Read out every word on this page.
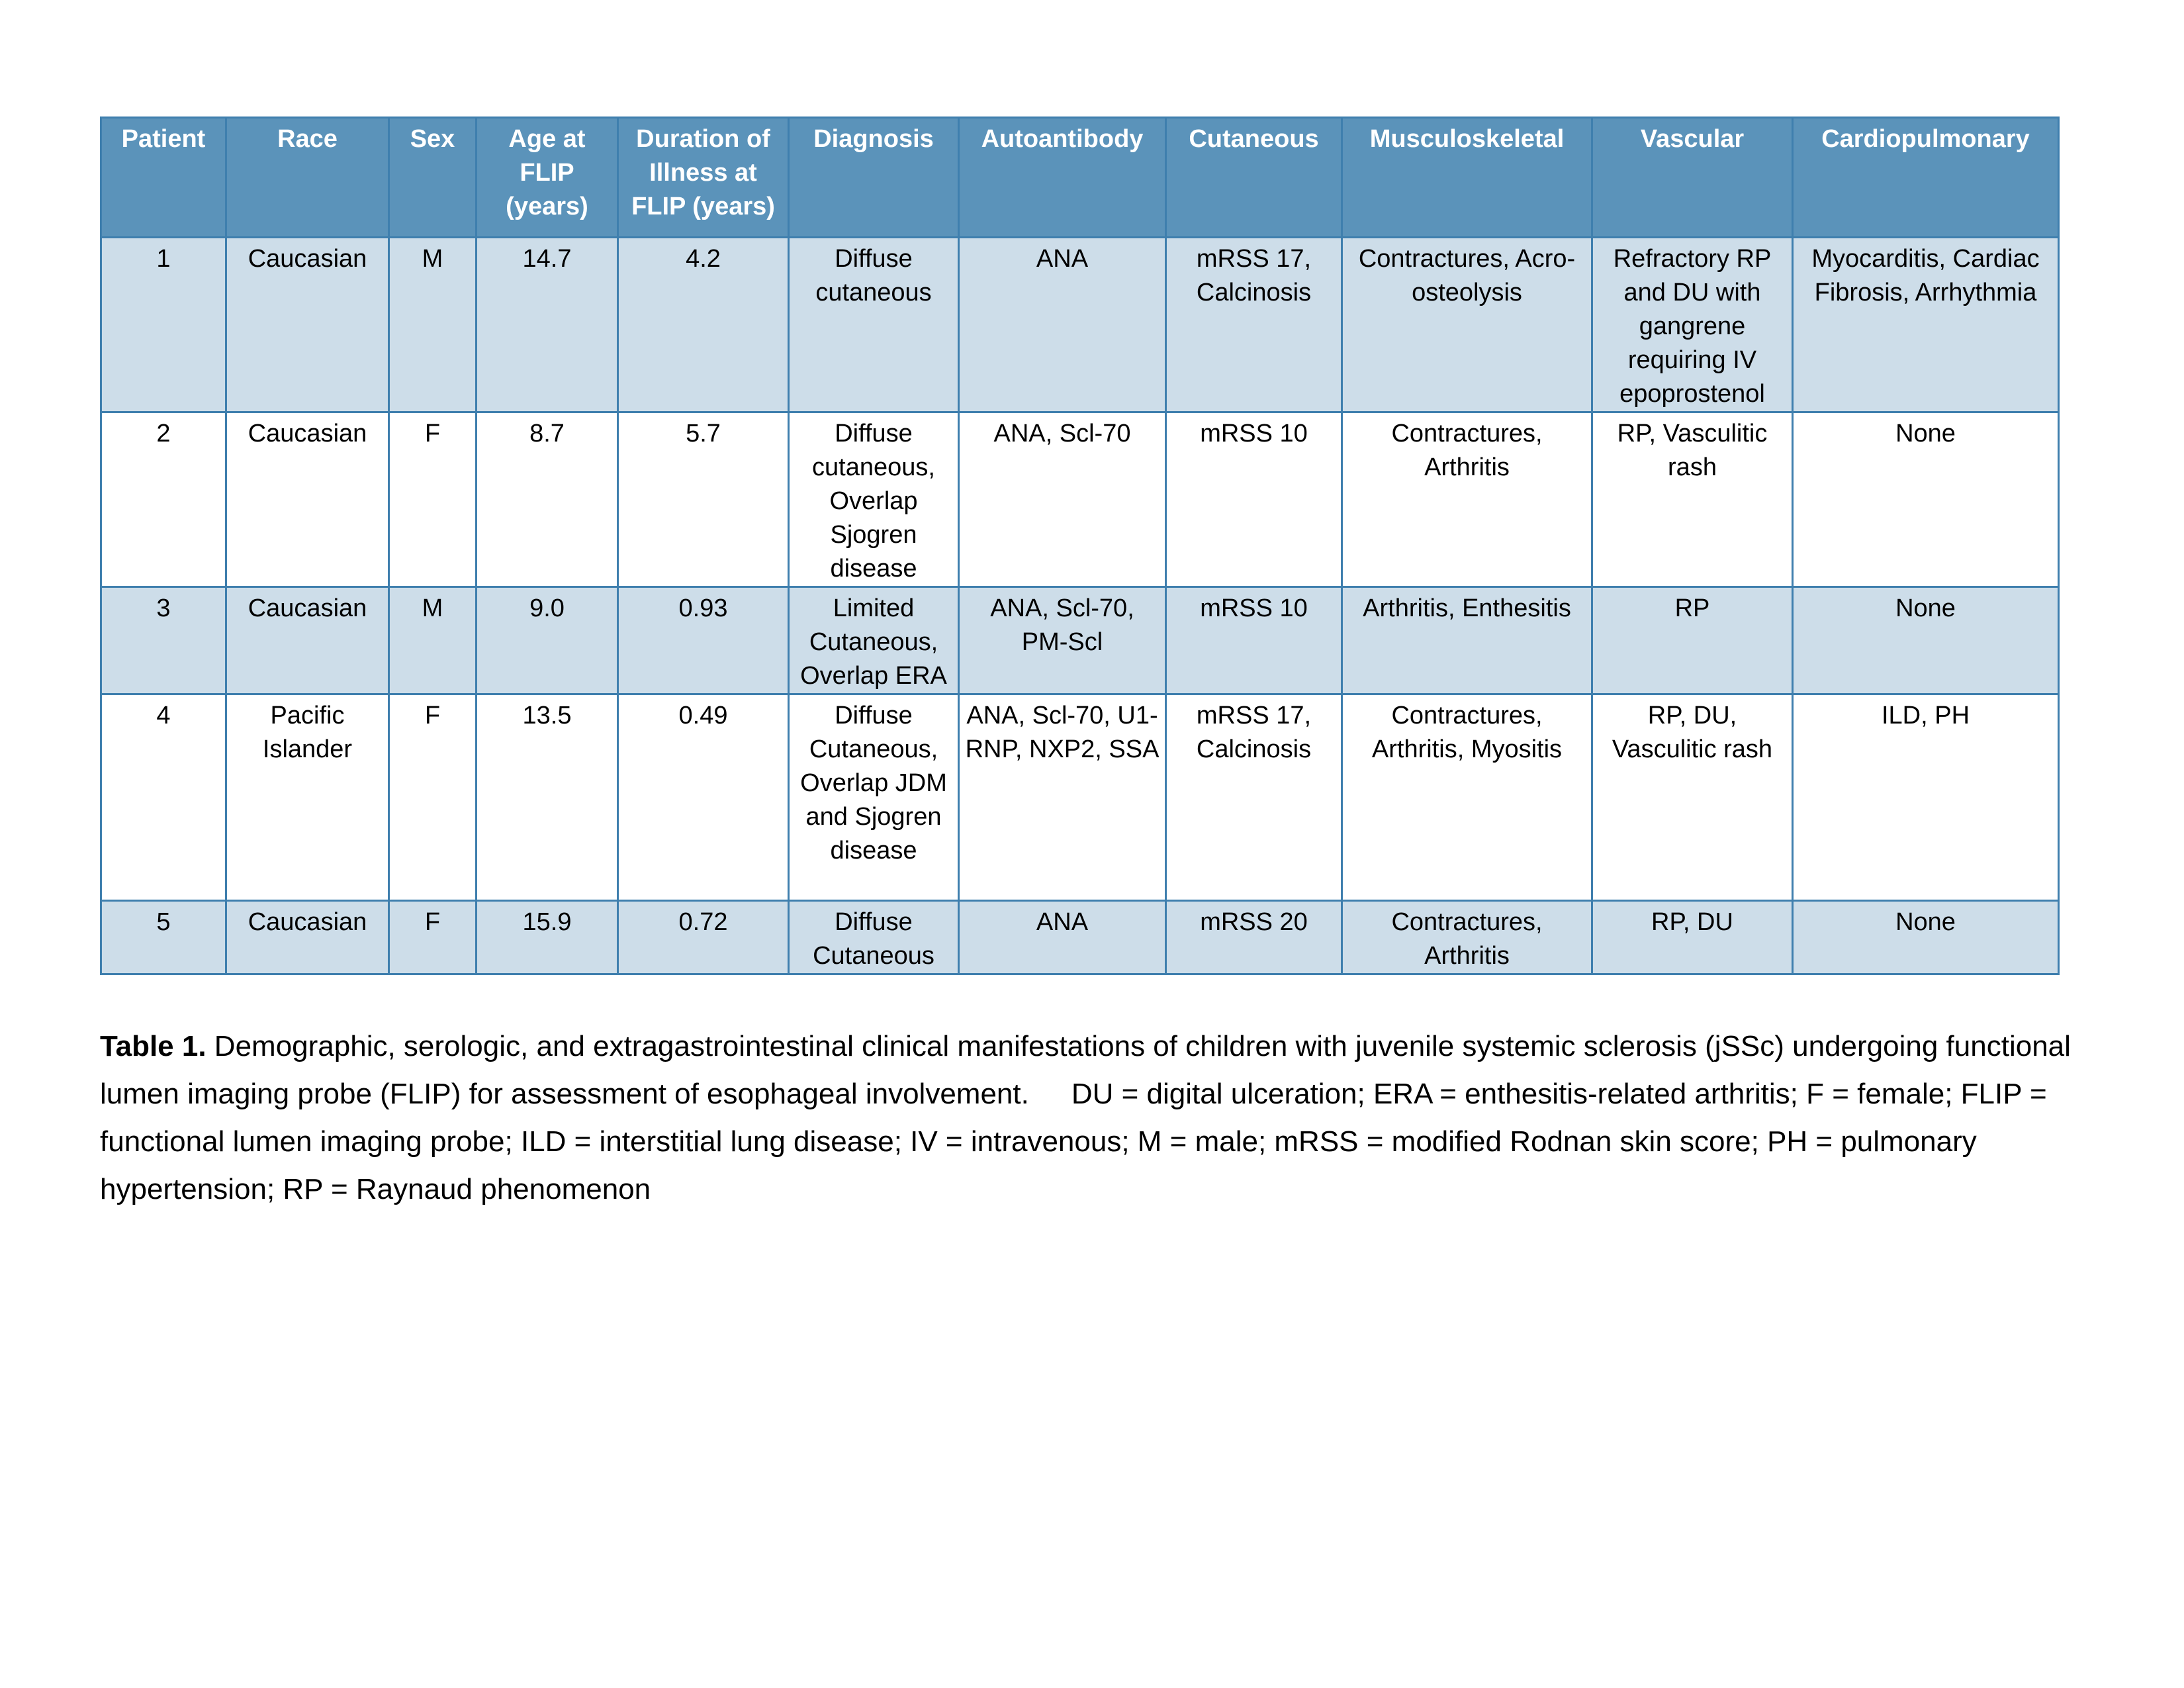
Patient	Race	Sex	Age at FLIP (years)	Duration of Illness at FLIP (years)	Diagnosis	Autoantibody	Cutaneous	Musculoskeletal	Vascular	Cardiopulmonary
1	Caucasian	M	14.7	4.2	Diffuse cutaneous	ANA	mRSS 17, Calcinosis	Contractures, Acro-osteolysis	Refractory RP and DU with gangrene requiring IV epoprostenol	Myocarditis, Cardiac Fibrosis, Arrhythmia
2	Caucasian	F	8.7	5.7	Diffuse cutaneous, Overlap Sjogren disease	ANA, Scl-70	mRSS 10	Contractures, Arthritis	RP, Vasculitic rash	None
3	Caucasian	M	9.0	0.93	Limited Cutaneous, Overlap ERA	ANA, Scl-70, PM-Scl	mRSS 10	Arthritis, Enthesitis	RP	None
4	Pacific Islander	F	13.5	0.49	Diffuse Cutaneous, Overlap JDM and Sjogren disease	ANA, Scl-70, U1-RNP, NXP2, SSA	mRSS 17, Calcinosis	Contractures, Arthritis, Myositis	RP, DU, Vasculitic rash	ILD, PH
5	Caucasian	F	15.9	0.72	Diffuse Cutaneous	ANA	mRSS 20	Contractures, Arthritis	RP, DU	None

Table 1. Demographic, serologic, and extragastrointestinal clinical manifestations of children with juvenile systemic sclerosis (jSSc) undergoing functional lumen imaging probe (FLIP) for assessment of esophageal involvement. DU = digital ulceration; ERA = enthesitis-related arthritis; F = female; FLIP = functional lumen imaging probe; ILD = interstitial lung disease; IV = intravenous; M = male; mRSS = modified Rodnan skin score; PH = pulmonary hypertension; RP = Raynaud phenomenon
